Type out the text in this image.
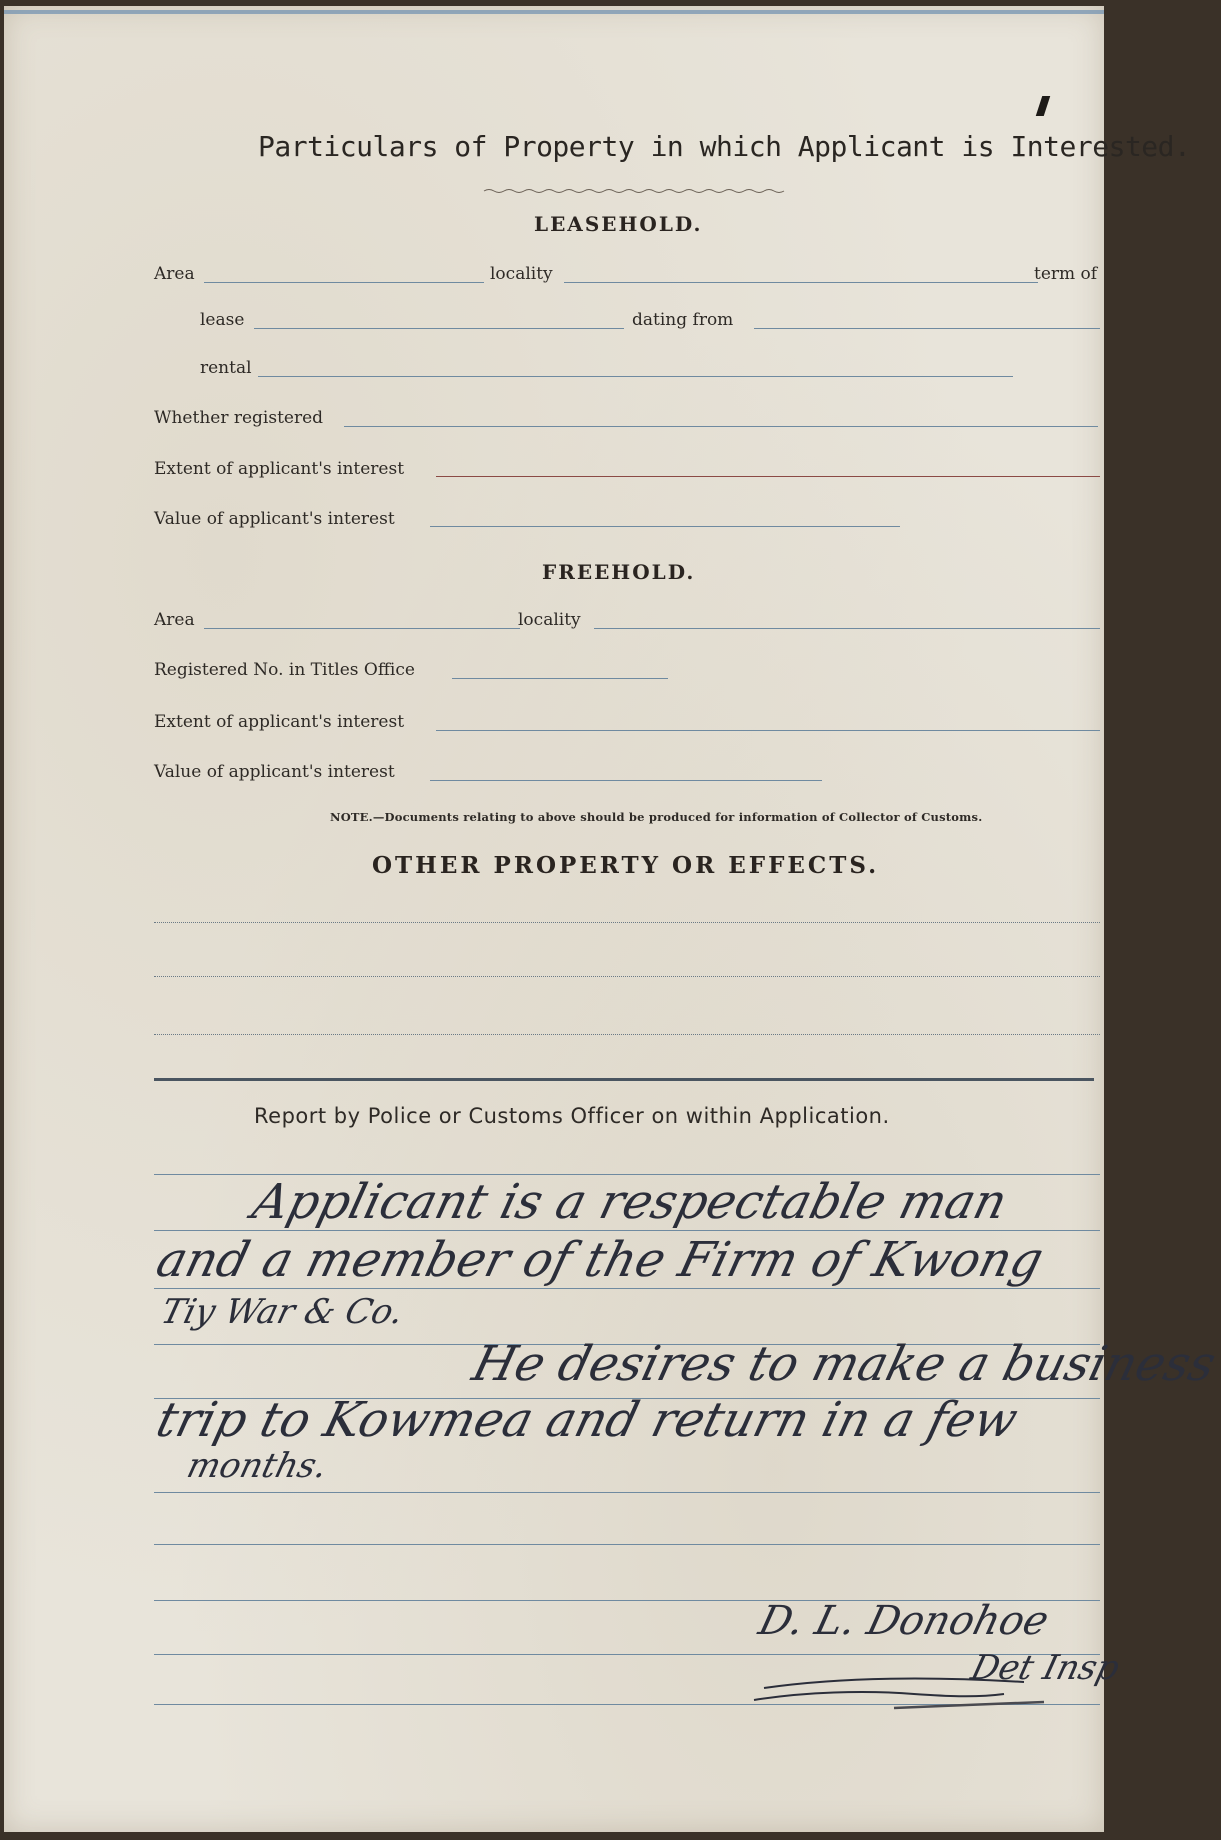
Particulars of Property in which Applicant is Interested.
LEASEHOLD.
Area	locality	term of
lease	dating from
rental
Whether registered
Extent of applicant's interest
Value of applicant's interest
FREEHOLD.
Area	locality
Registered No. in Titles Office
Extent of applicant's interest
Value of applicant's interest
NOTE.—Documents relating to above should be produced for information of Collector of Customs.
OTHER PROPERTY OR EFFECTS.
Report by Police or Customs Officer on within Application.
Applicant is a respectable man
and a member of the Firm of Kwong
Tiy War & Co.
He desires to make a business
trip to Kowmea and return in a few
months.
D. L. Donohoe
Det Insp
